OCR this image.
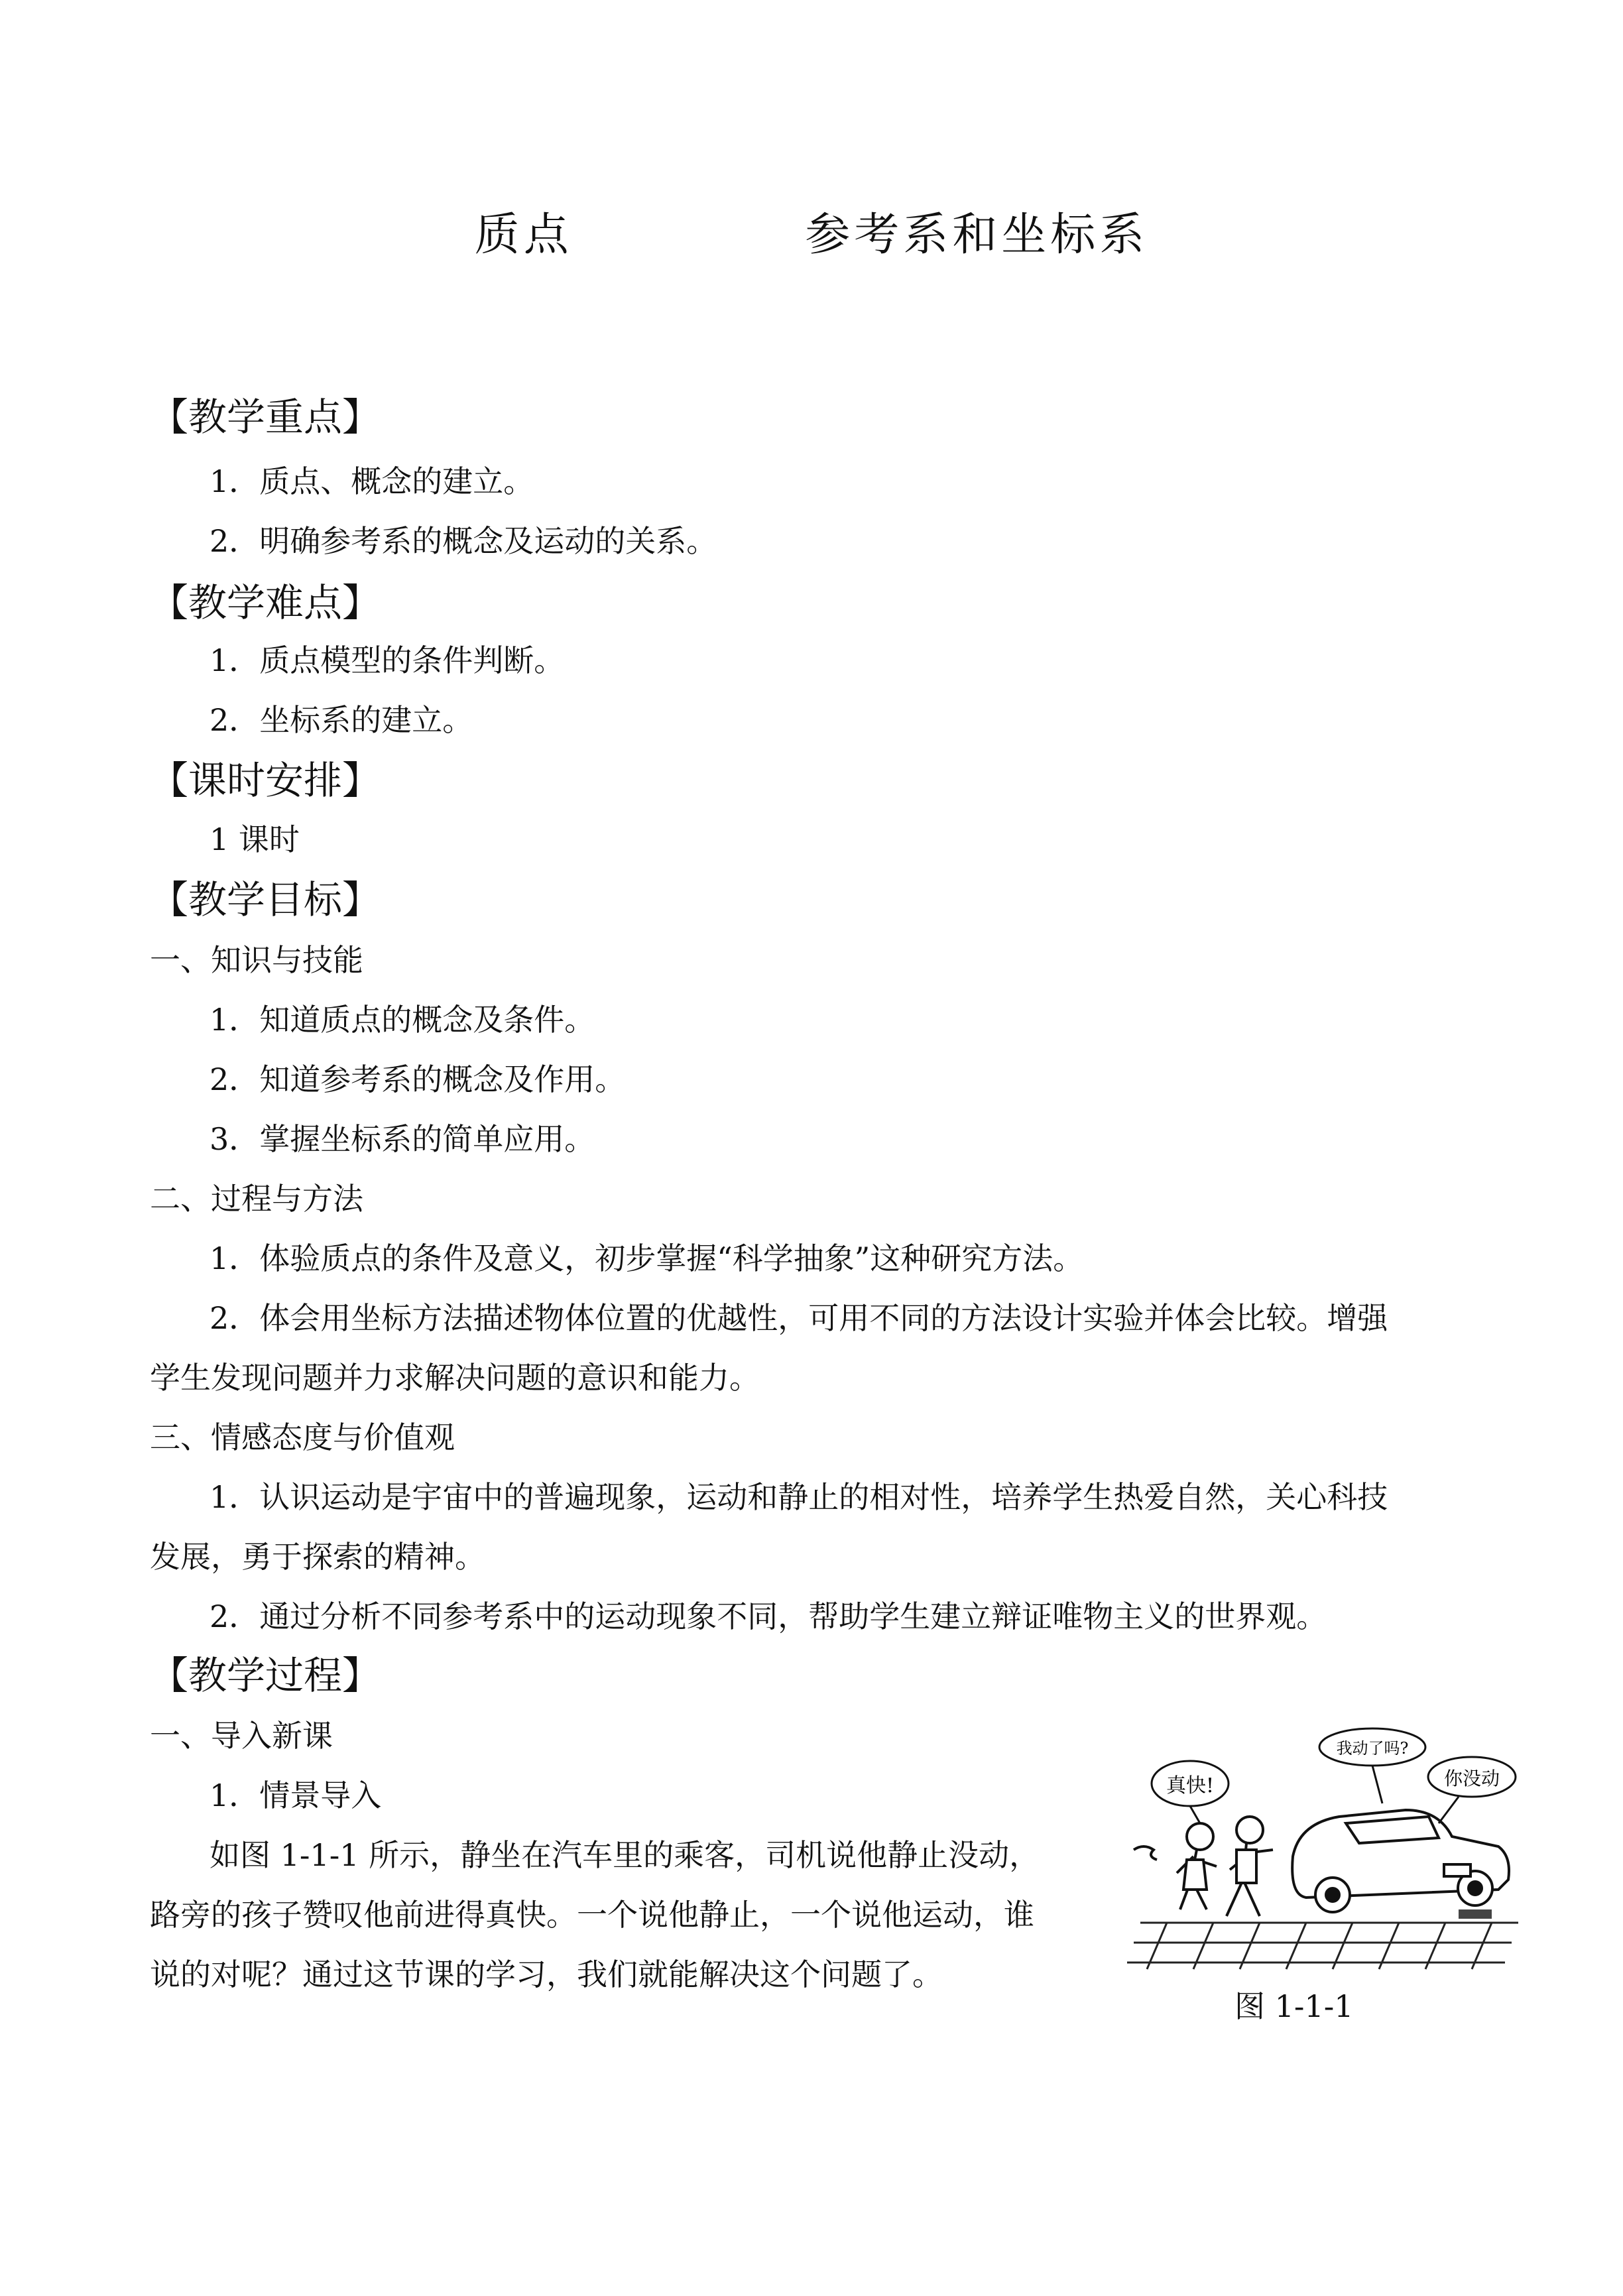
质点    参考系和坐标系
【教学重点】
1．质点、概念的建立。
2．明确参考系的概念及运动的关系。
【教学难点】
1．质点模型的条件判断。
2．坐标系的建立。
【课时安排】
1 课时
【教学目标】
一、知识与技能
1．知道质点的概念及条件。
2．知道参考系的概念及作用。
3．掌握坐标系的简单应用。
二、过程与方法
1．体验质点的条件及意义，初步掌握“科学抽象”这种研究方法。
2．体会用坐标方法描述物体位置的优越性，可用不同的方法设计实验并体会比较。增强
学生发现问题并力求解决问题的意识和能力。
三、情感态度与价值观
1．认识运动是宇宙中的普遍现象，运动和静止的相对性，培养学生热爱自然，关心科技
发展，勇于探索的精神。
2．通过分析不同参考系中的运动现象不同，帮助学生建立辩证唯物主义的世界观。
【教学过程】
一、导入新课
1．情景导入
如图 1-1-1 所示，静坐在汽车里的乘客，司机说他静止没动，
路旁的孩子赞叹他前进得真快。一个说他静止，一个说他运动，谁
说的对呢？通过这节课的学习，我们就能解决这个问题了。
真快!
我动了吗?
你没动
图 1-1-1
